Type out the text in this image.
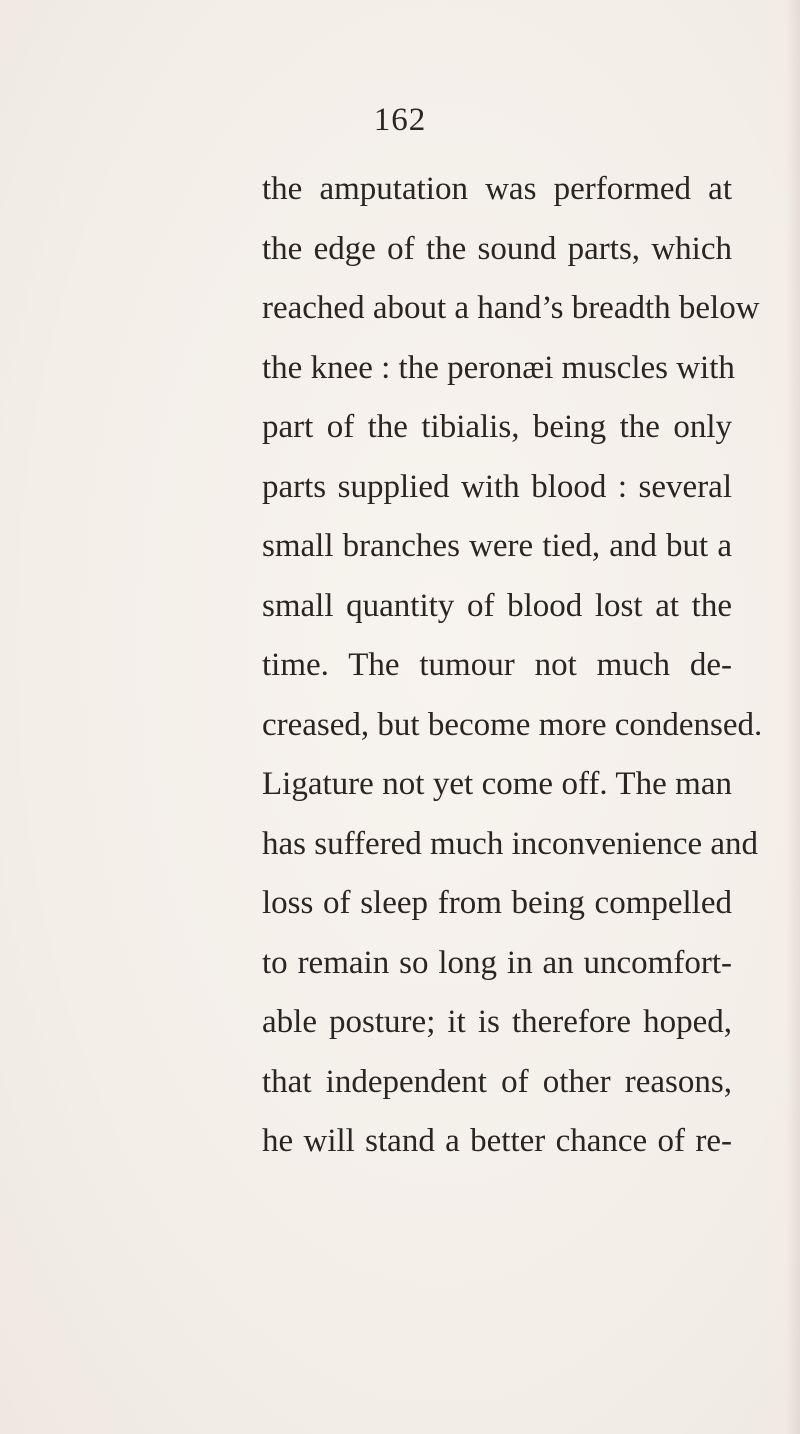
162
the amputation was performed at
the edge of the sound parts, which
reached about a hand’s breadth below
the knee : the peronæi muscles with
part of the tibialis, being the only
parts supplied with blood : several
small branches were tied, and but a
small quantity of blood lost at the
time. The tumour not much de-
creased, but become more condensed.
Ligature not yet come off. The man
has suffered much inconvenience and
loss of sleep from being compelled
to remain so long in an uncomfort-
able posture; it is therefore hoped,
that independent of other reasons,
he will stand a better chance of re-
